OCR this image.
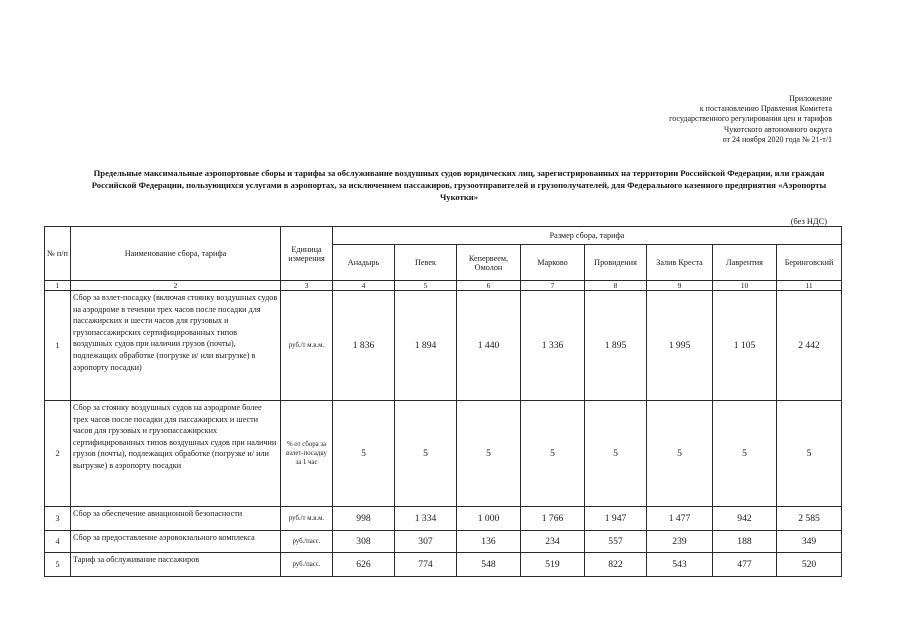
Приложение
к постановлению Правления Комитета
государственного регулирования цен и тарифов
Чукотского автономного округа
от 24 ноября 2020 года № 21-т/1
Предельные максимальные аэропортовые сборы и тарифы за обслуживание воздушных судов юридических лиц, зарегистрированных на территории Российской Федерации, или граждан Российской Федерации, пользующихся услугами в аэропортах, за исключением пассажиров, грузоотправителей и грузополучателей, для Федерального казенного предприятия «Аэропорты Чукотки»
(без НДС)
№ п/п	Наименование сбора, тарифа	Единица измерения	Размер сбора, тарифа							
			Анадырь	Певек	Кепервеем, Омолон	Марково	Провидения	Залив Креста	Лаврентия	Беринговский
1	2	3	4	5	6	7	8	9	10	11
1	Сбор за взлет-посадку (включая стоянку воздушных судов на аэродроме в течении трех часов после посадки для пассажирских и шести часов для грузовых и грузопассажирских сертифицированных типов воздушных судов при наличии грузов (почты), подлежащих обработке (погрузке и/ или выгрузке) в аэропорту посадки)	руб./т м.в.м.	1 836	1 894	1 440	1 336	1 895	1 995	1 105	2 442
2	Сбор за стоянку воздушных судов на аэродроме более трех часов после посадки для пассажирских и шести часов для грузовых и грузопассажирских сертифицированных типов воздушных судов при наличии грузов (почты), подлежащих обработке (погрузке и/ или выгрузке) в аэропорту посадки	% от сбора за взлет-посадку за 1 час	5	5	5	5	5	5	5	5
3	Сбор за обеспечение авиационной безопасности	руб./т м.в.м.	998	1 334	1 000	1 766	1 947	1 477	942	2 585
4	Сбор за предоставление аэровокзального комплекса	руб./пасс.	308	307	136	234	557	239	188	349
5	Тариф за обслуживание пассажиров	руб./пасс.	626	774	548	519	822	543	477	520
